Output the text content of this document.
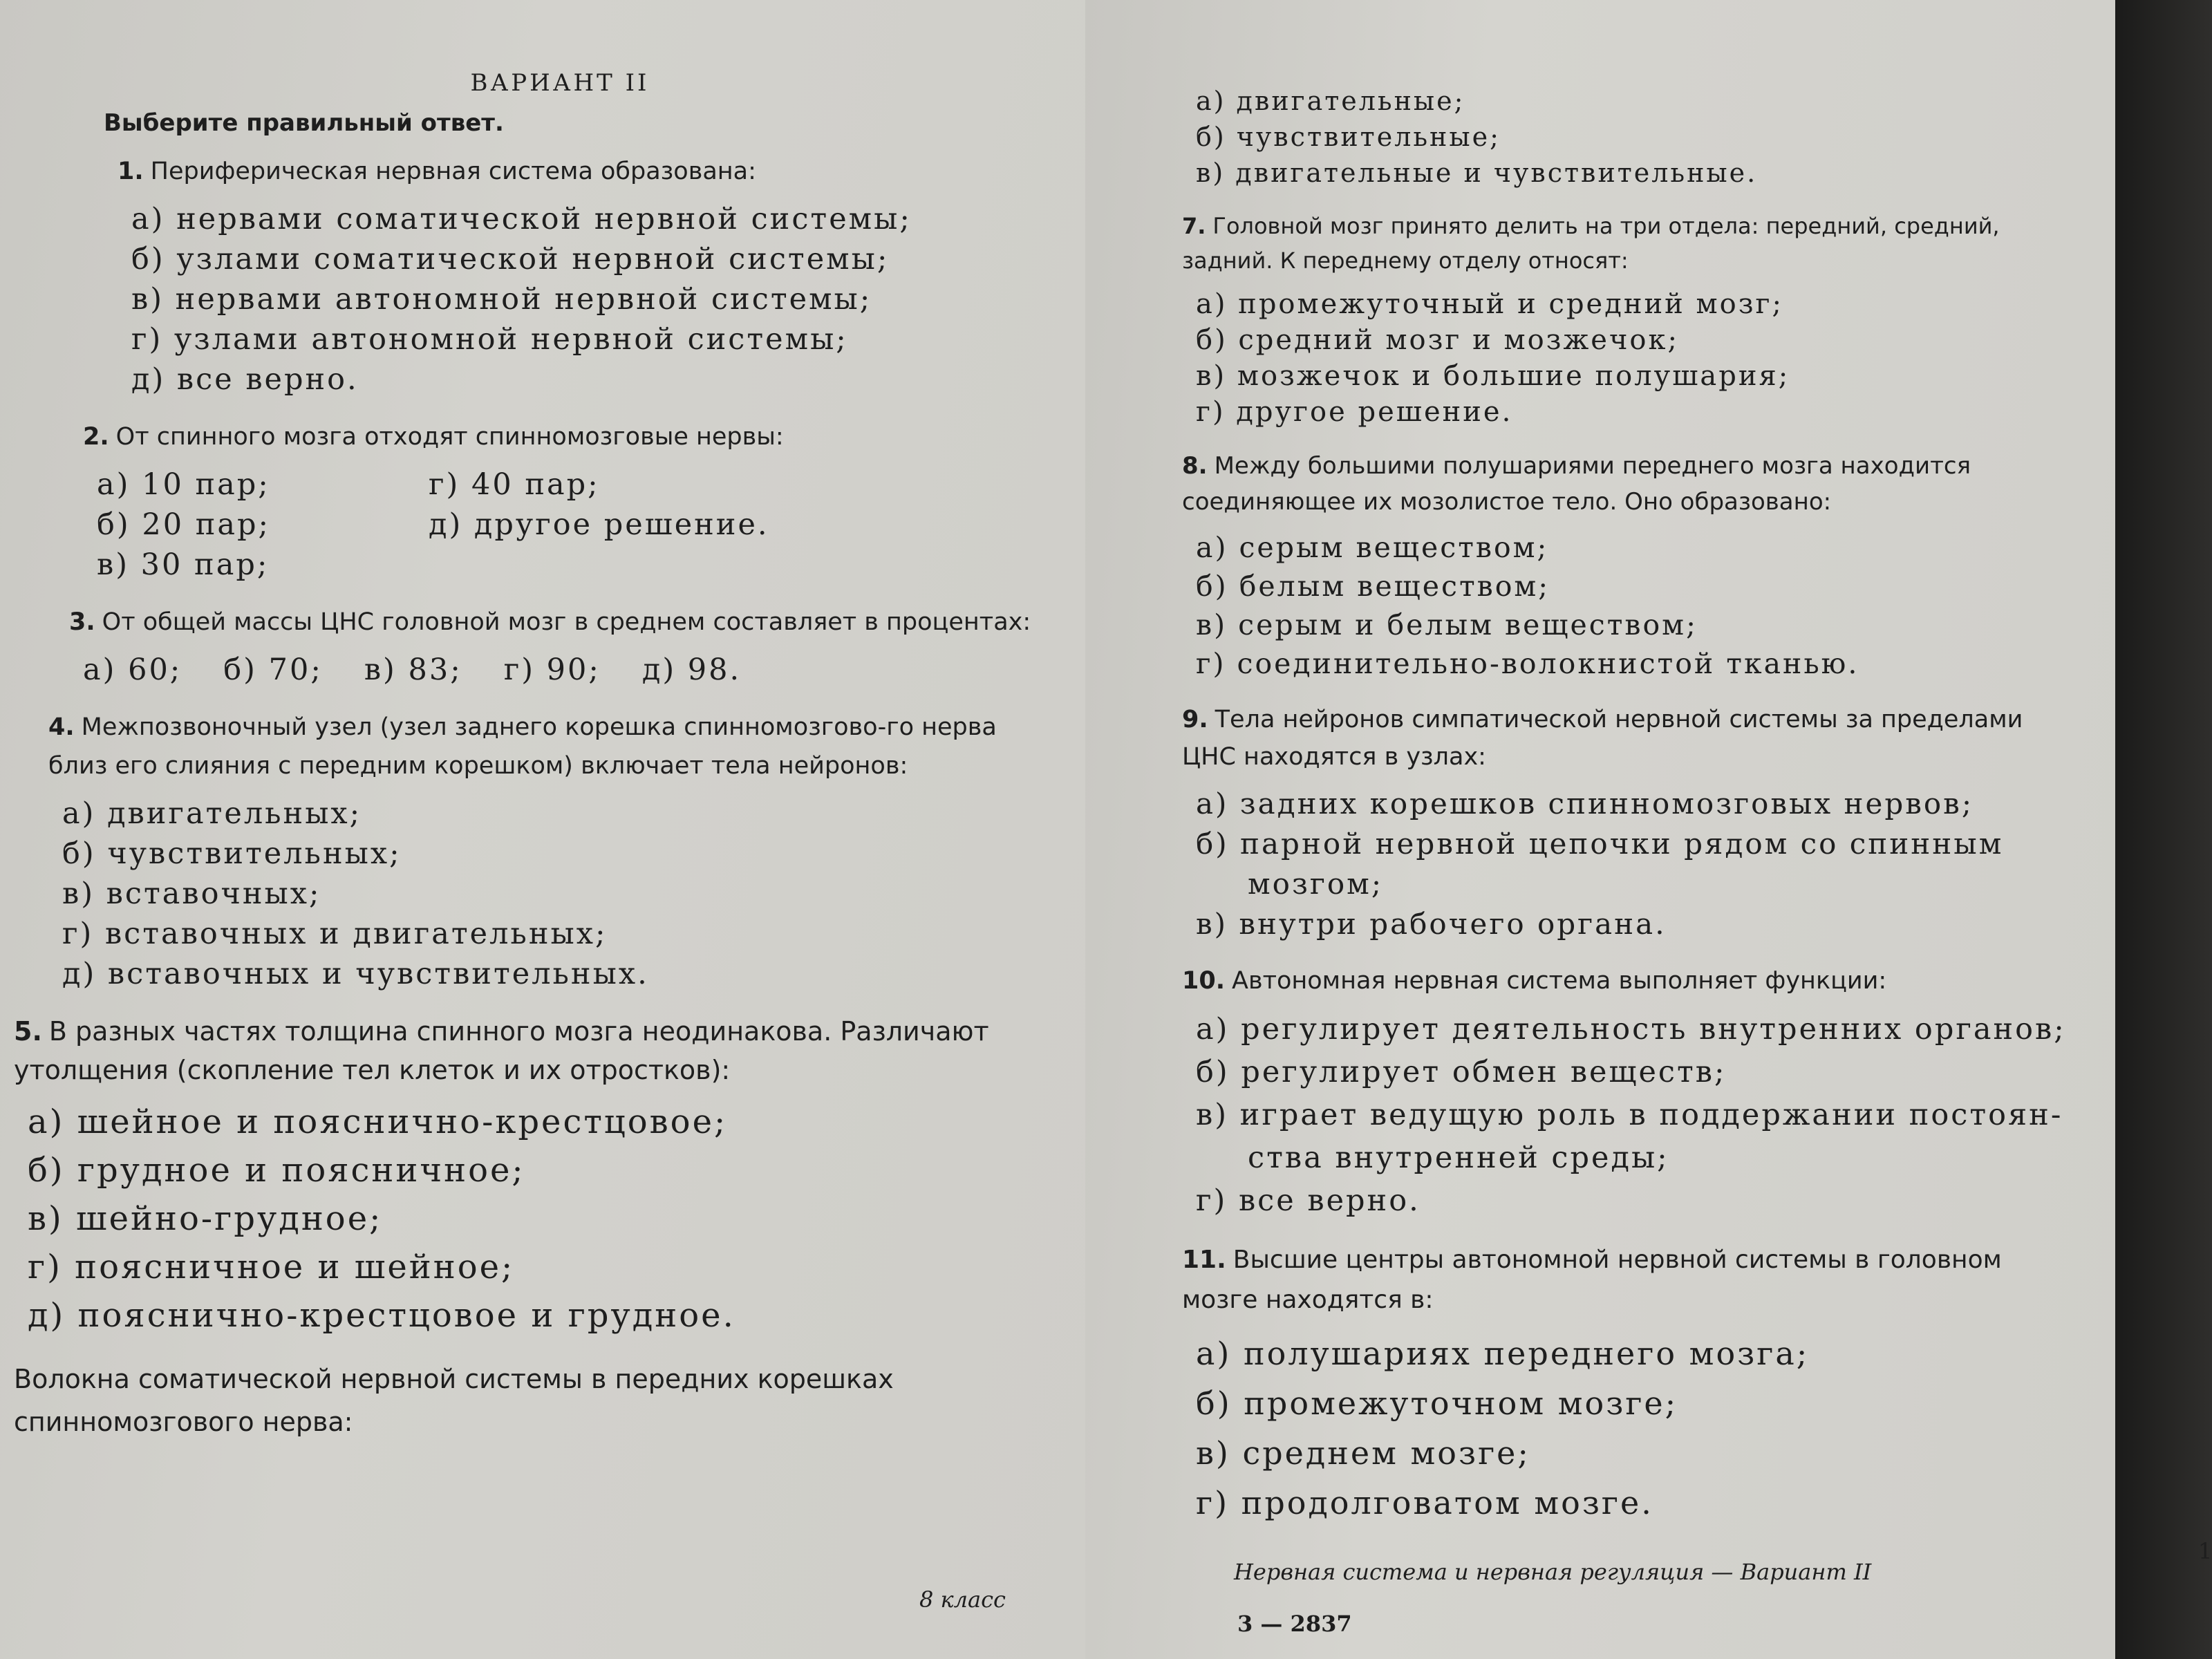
ВАРИАНТ II
Выберите правильный ответ.
1. Периферическая нервная система образована:
а) нервами соматической нервной системы;
б) узлами соматической нервной системы;
в) нервами автономной нервной системы;
г) узлами автономной нервной системы;
д) все верно.
2. От спинного мозга отходят спинномозговые нервы:
а) 10 пар;	г) 40 пар;
б) 20 пар;	д) другое решение.
в) 30 пар;
3. От общей массы ЦНС головной мозг в среднем составляет в процентах:
а) 60; б) 70; в) 83; г) 90; д) 98.
4. Межпозвоночный узел (узел заднего корешка спинномозгово-го нерва близ его слияния с передним корешком) включает тела нейронов:
а) двигательных;
б) чувствительных;
в) вставочных;
г) вставочных и двигательных;
д) вставочных и чувствительных.
5. В разных частях толщина спинного мозга неодинакова. Различают утолщения (скопление тел клеток и их отростков):
а) шейное и пояснично-крестцовое;
б) грудное и поясничное;
в) шейно-грудное;
г) поясничное и шейное;
д) пояснично-крестцовое и грудное.
Волокна соматической нервной системы в передних корешках спинномозгового нерва:
8 класс
а) двигательные;
б) чувствительные;
в) двигательные и чувствительные.
7. Головной мозг принято делить на три отдела: передний, средний, задний. К переднему отделу относят:
а) промежуточный и средний мозг;
б) средний мозг и мозжечок;
в) мозжечок и большие полушария;
г) другое решение.
8. Между большими полушариями переднего мозга находится соединяющее их мозолистое тело. Оно образовано:
а) серым веществом;
б) белым веществом;
в) серым и белым веществом;
г) соединительно-волокнистой тканью.
9. Тела нейронов симпатической нервной системы за пределами ЦНС находятся в узлах:
а) задних корешков спинномозговых нервов;
б) парной нервной цепочки рядом со спинным
мозгом;
в) внутри рабочего органа.
10. Автономная нервная система выполняет функции:
а) регулирует деятельность внутренних органов;
б) регулирует обмен веществ;
в) играет ведущую роль в поддержании постоян-
ства внутренней среды;
г) все верно.
11. Высшие центры автономной нервной системы в головном мозге находятся в:
а) полушариях переднего мозга;
б) промежуточном мозге;
в) среднем мозге;
г) продолговатом мозге.
Нервная система и нервная регуляция — Вариант II
3 — 2837
1
